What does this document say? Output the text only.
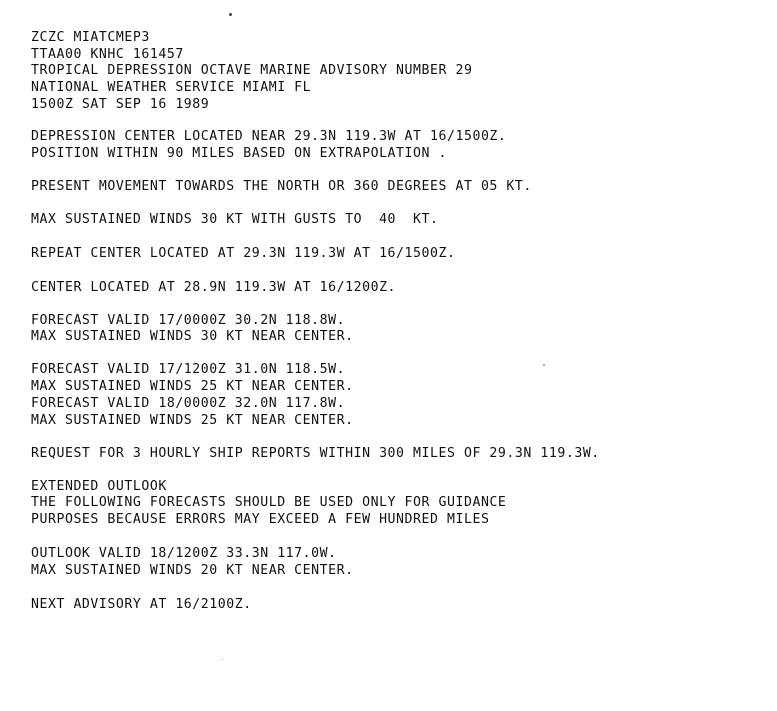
ZCZC MIATCMEP3
TTAA00 KNHC 161457
TROPICAL DEPRESSION OCTAVE MARINE ADVISORY NUMBER 29
NATIONAL WEATHER SERVICE MIAMI FL
1500Z SAT SEP 16 1989
DEPRESSION CENTER LOCATED NEAR 29.3N 119.3W AT 16/1500Z.
POSITION WITHIN 90 MILES BASED ON EXTRAPOLATION .
PRESENT MOVEMENT TOWARDS THE NORTH OR 360 DEGREES AT 05 KT.
MAX SUSTAINED WINDS 30 KT WITH GUSTS TO  40  KT.
REPEAT CENTER LOCATED AT 29.3N 119.3W AT 16/1500Z.
CENTER LOCATED AT 28.9N 119.3W AT 16/1200Z.
FORECAST VALID 17/0000Z 30.2N 118.8W.
MAX SUSTAINED WINDS 30 KT NEAR CENTER.
FORECAST VALID 17/1200Z 31.0N 118.5W.
MAX SUSTAINED WINDS 25 KT NEAR CENTER.
FORECAST VALID 18/0000Z 32.0N 117.8W.
MAX SUSTAINED WINDS 25 KT NEAR CENTER.
REQUEST FOR 3 HOURLY SHIP REPORTS WITHIN 300 MILES OF 29.3N 119.3W.
EXTENDED OUTLOOK
THE FOLLOWING FORECASTS SHOULD BE USED ONLY FOR GUIDANCE
PURPOSES BECAUSE ERRORS MAY EXCEED A FEW HUNDRED MILES
OUTLOOK VALID 18/1200Z 33.3N 117.0W.
MAX SUSTAINED WINDS 20 KT NEAR CENTER.
NEXT ADVISORY AT 16/2100Z.
